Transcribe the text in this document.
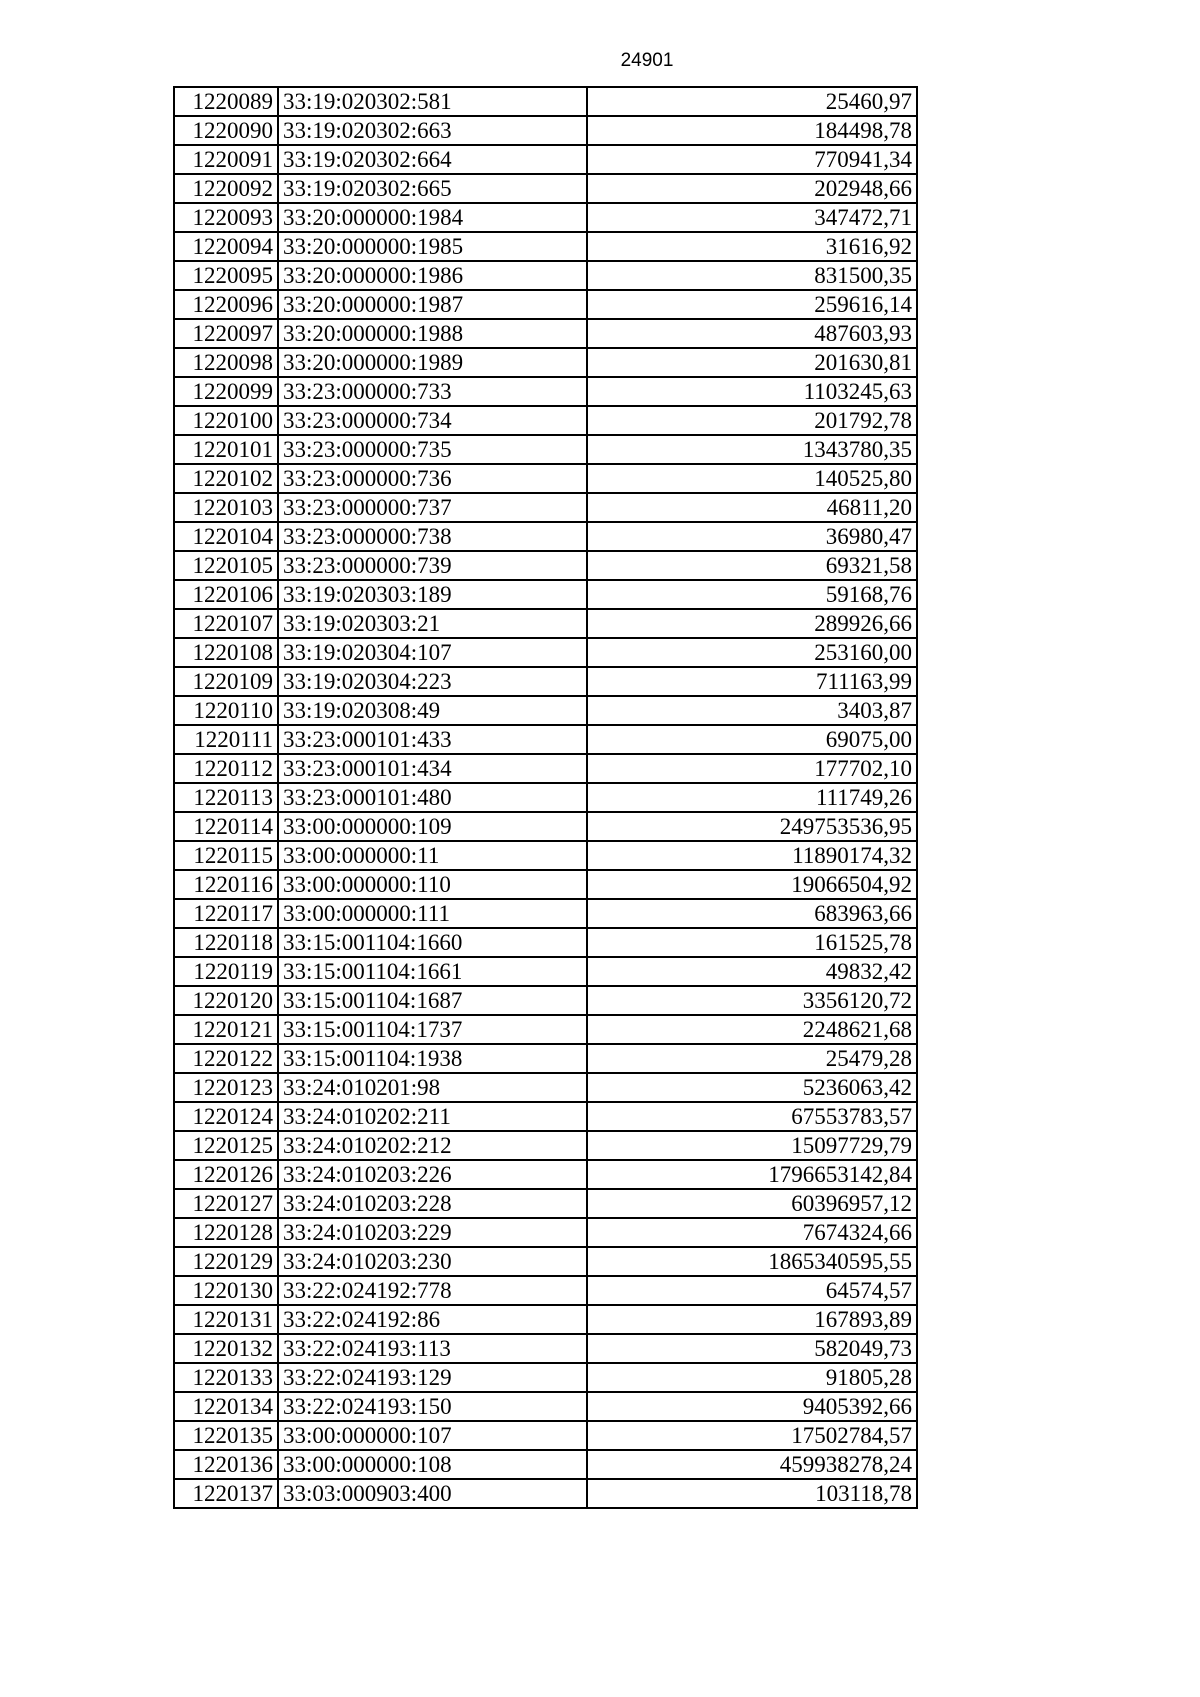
24901
1220089	33:19:020302:581	25460,97
1220090	33:19:020302:663	184498,78
1220091	33:19:020302:664	770941,34
1220092	33:19:020302:665	202948,66
1220093	33:20:000000:1984	347472,71
1220094	33:20:000000:1985	31616,92
1220095	33:20:000000:1986	831500,35
1220096	33:20:000000:1987	259616,14
1220097	33:20:000000:1988	487603,93
1220098	33:20:000000:1989	201630,81
1220099	33:23:000000:733	1103245,63
1220100	33:23:000000:734	201792,78
1220101	33:23:000000:735	1343780,35
1220102	33:23:000000:736	140525,80
1220103	33:23:000000:737	46811,20
1220104	33:23:000000:738	36980,47
1220105	33:23:000000:739	69321,58
1220106	33:19:020303:189	59168,76
1220107	33:19:020303:21	289926,66
1220108	33:19:020304:107	253160,00
1220109	33:19:020304:223	711163,99
1220110	33:19:020308:49	3403,87
1220111	33:23:000101:433	69075,00
1220112	33:23:000101:434	177702,10
1220113	33:23:000101:480	111749,26
1220114	33:00:000000:109	249753536,95
1220115	33:00:000000:11	11890174,32
1220116	33:00:000000:110	19066504,92
1220117	33:00:000000:111	683963,66
1220118	33:15:001104:1660	161525,78
1220119	33:15:001104:1661	49832,42
1220120	33:15:001104:1687	3356120,72
1220121	33:15:001104:1737	2248621,68
1220122	33:15:001104:1938	25479,28
1220123	33:24:010201:98	5236063,42
1220124	33:24:010202:211	67553783,57
1220125	33:24:010202:212	15097729,79
1220126	33:24:010203:226	1796653142,84
1220127	33:24:010203:228	60396957,12
1220128	33:24:010203:229	7674324,66
1220129	33:24:010203:230	1865340595,55
1220130	33:22:024192:778	64574,57
1220131	33:22:024192:86	167893,89
1220132	33:22:024193:113	582049,73
1220133	33:22:024193:129	91805,28
1220134	33:22:024193:150	9405392,66
1220135	33:00:000000:107	17502784,57
1220136	33:00:000000:108	459938278,24
1220137	33:03:000903:400	103118,78
